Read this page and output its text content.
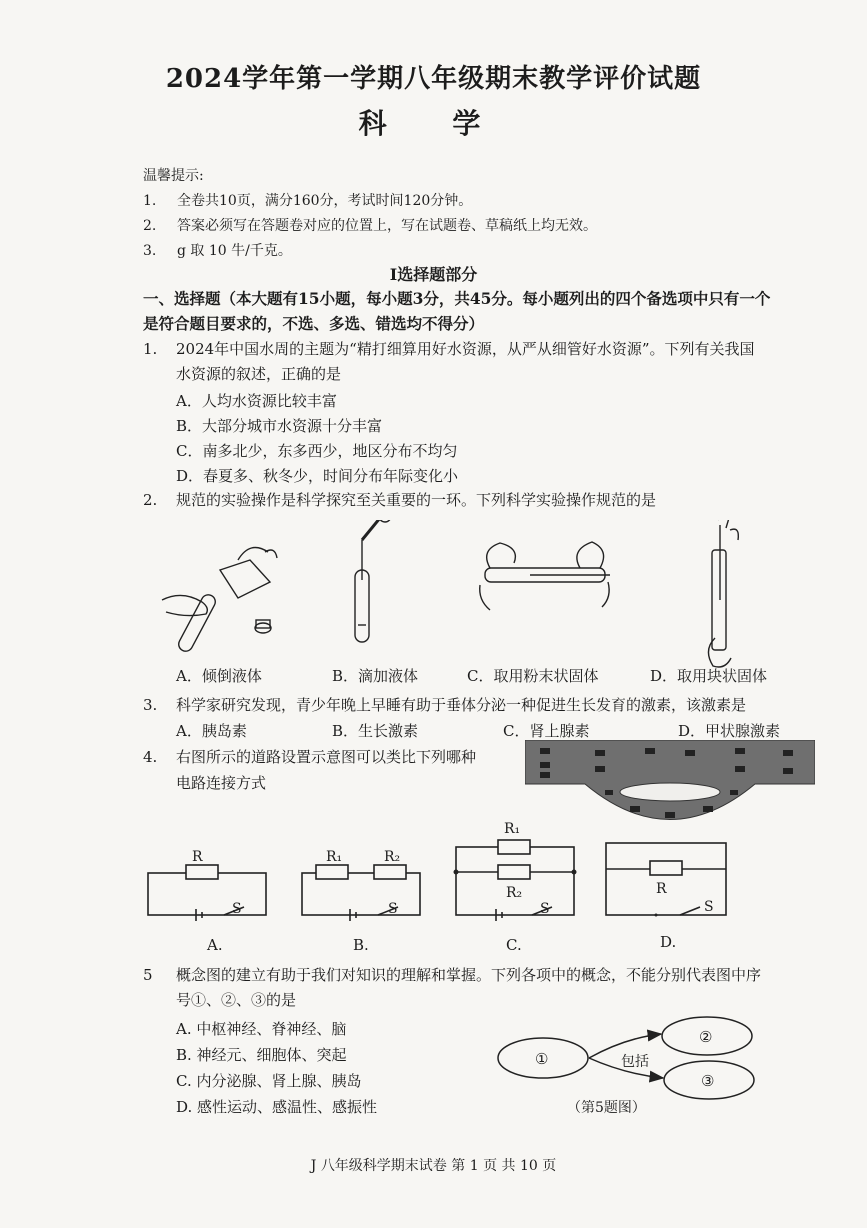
2024学年第一学期八年级期末教学评价试题
科 学
温馨提示:
1. 全卷共10页，满分160分，考试时间120分钟。
2. 答案必须写在答题卷对应的位置上，写在试题卷、草稿纸上均无效。
3. g 取 10 牛/千克。
Ⅰ选择题部分
一、选择题（本大题有15小题，每小题3分，共45分。每小题列出的四个备选项中只有一个
是符合题目要求的，不选、多选、错选均不得分）
1. 2024年中国水周的主题为“精打细算用好水资源，从严从细管好水资源”。下列有关我国
水资源的叙述，正确的是
A．人均水资源比较丰富
B．大部分城市水资源十分丰富
C．南多北少，东多西少，地区分布不均匀
D．春夏多、秋冬少，时间分布年际变化小
2. 规范的实验操作是科学探究至关重要的一环。下列科学实验操作规范的是
A．倾倒液体	B．滴加液体	C．取用粉末状固体	D．取用块状固体
3. 科学家研究发现，青少年晚上早睡有助于垂体分泌一种促进生长发育的激素，该激素是
A．胰岛素	B．生长激素	C．肾上腺素	D．甲状腺激素
4. 右图所示的道路设置示意图可以类比下列哪种
电路连接方式
R
S
R₁	R₂
S
R₁
R₂
S
R
S
A.	B.	C.	D.
5 概念图的建立有助于我们对知识的理解和掌握。下列各项中的概念，不能分别代表图中序
号①、②、③的是
A. 中枢神经、脊神经、脑
B. 神经元、细胞体、突起
C. 内分泌腺、肾上腺、胰岛
D. 感性运动、感温性、感振性
①
②
③
包括
（第5题图）
J 八年级科学期末试卷 第 1 页 共 10 页
